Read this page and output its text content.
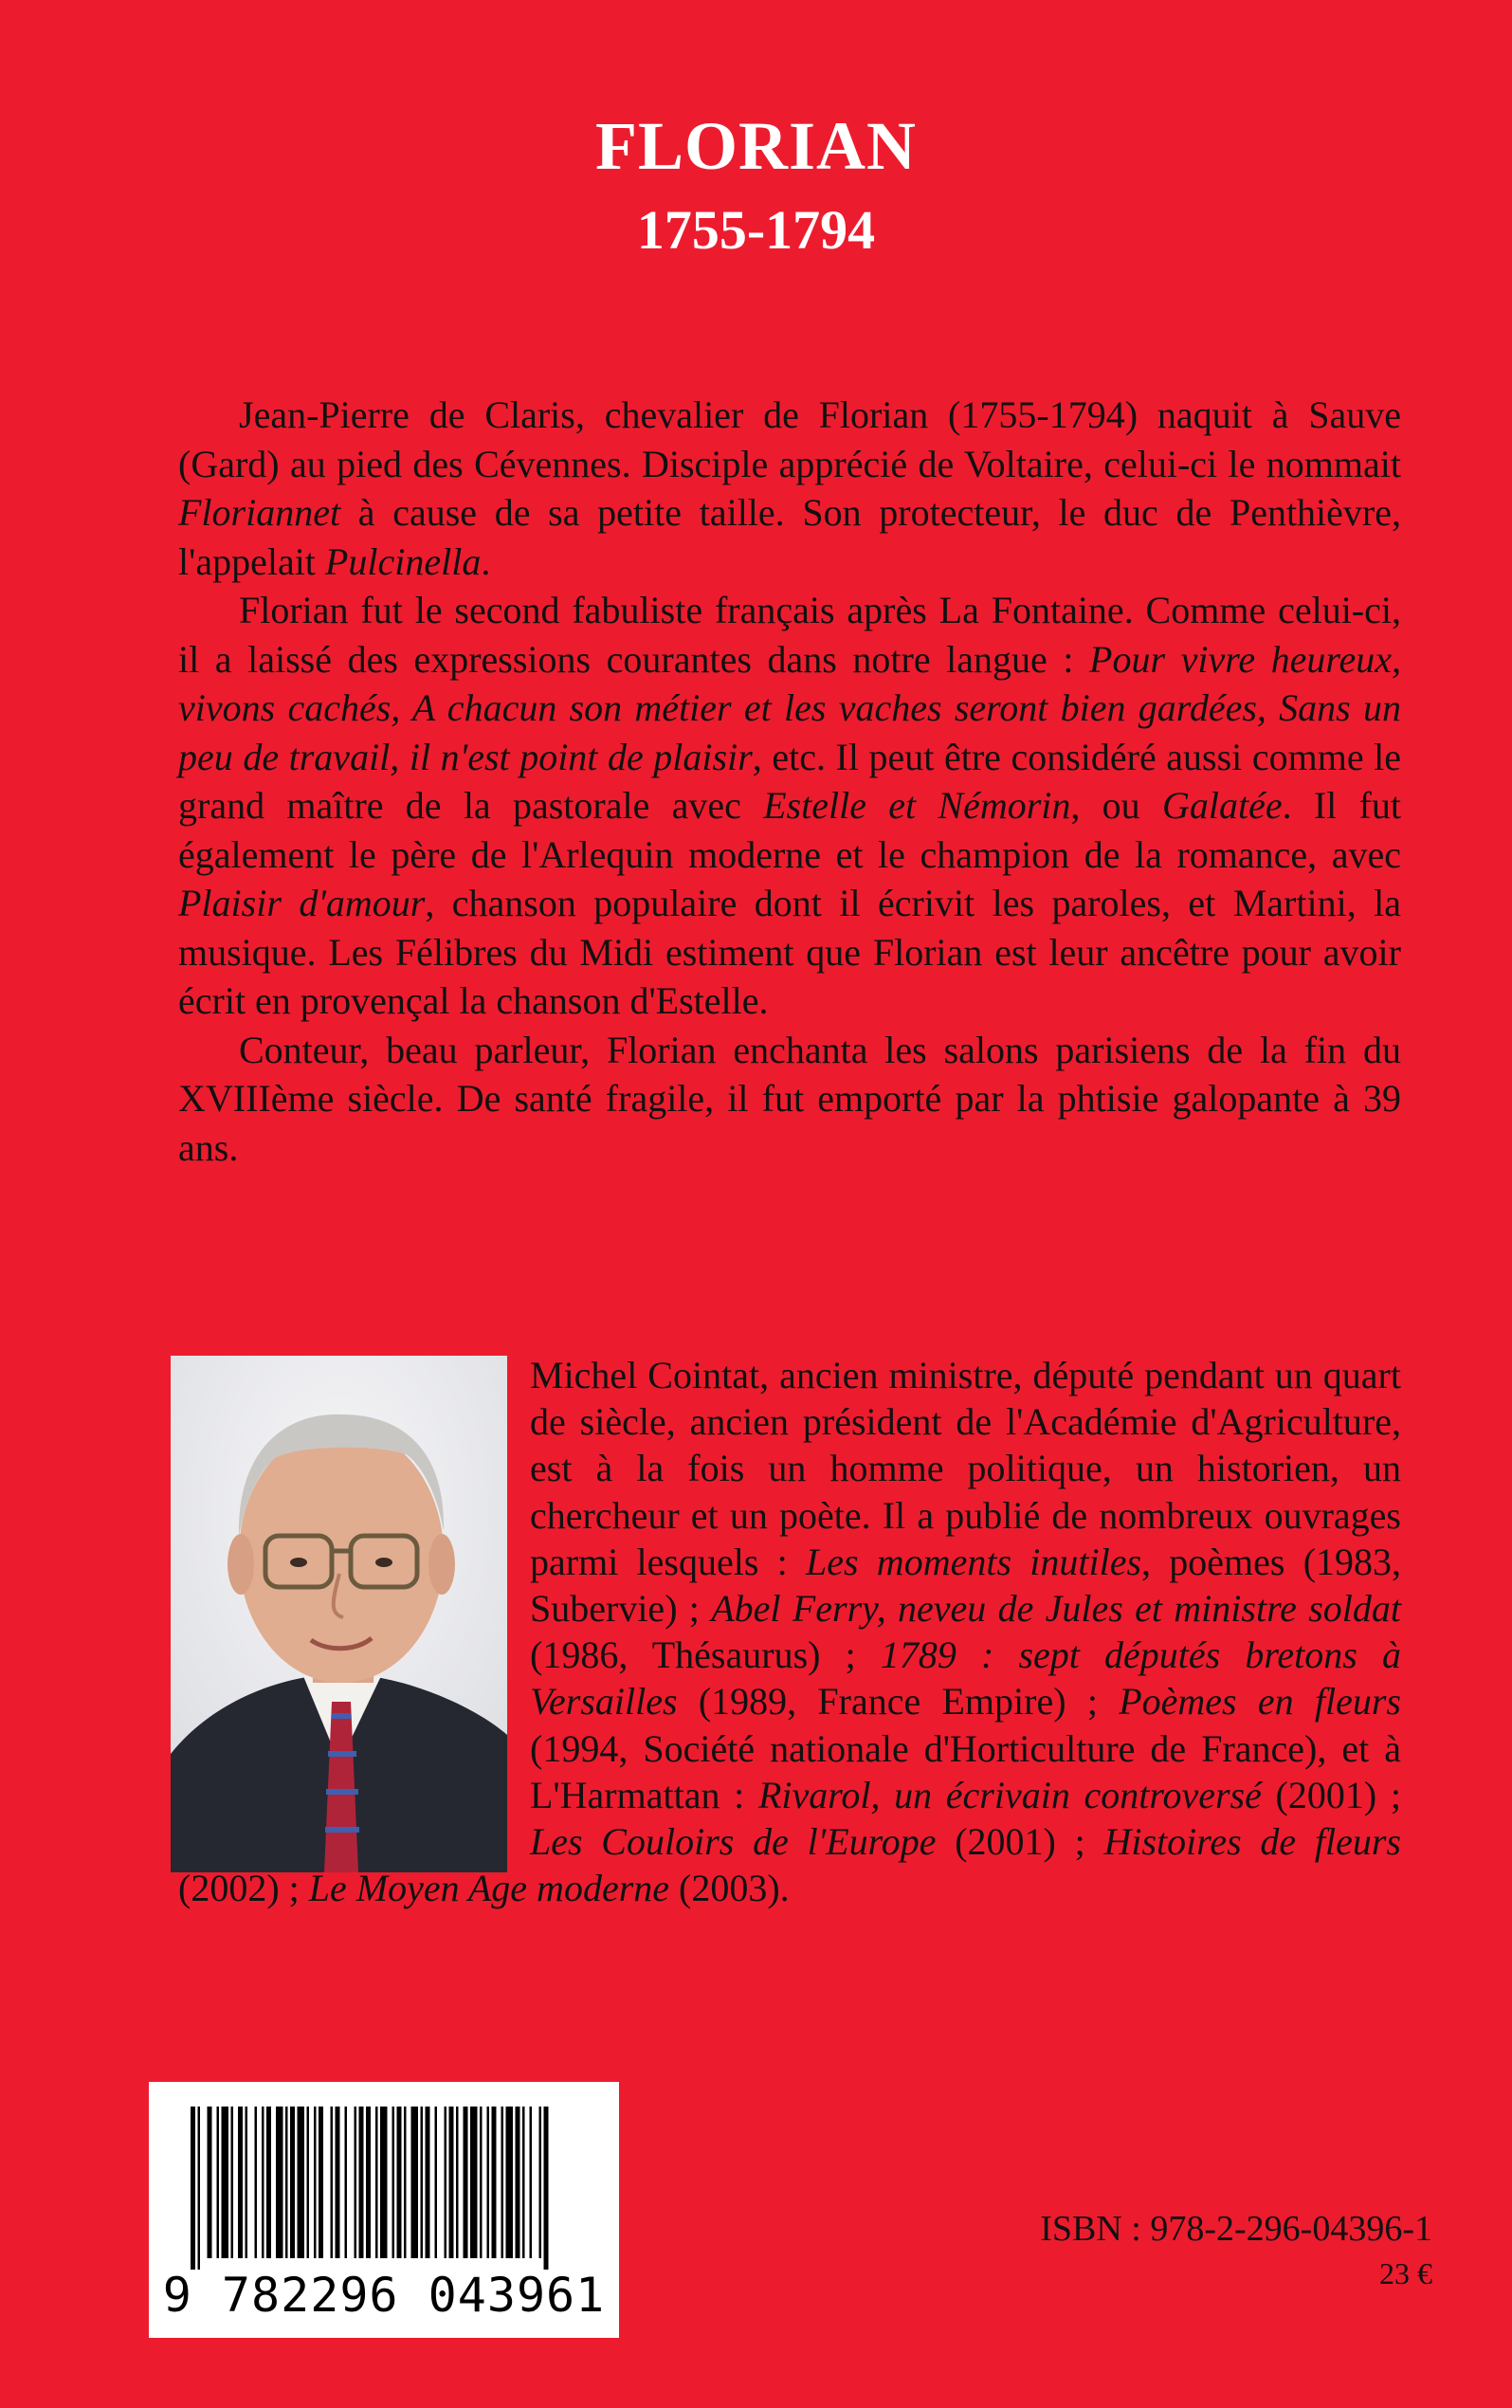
FLORIAN
1755-1794

Jean-Pierre de Claris, chevalier de Florian (1755-1794) naquit à Sauve (Gard) au pied des Cévennes. Disciple apprécié de Voltaire, celui-ci le nommait Floriannet à cause de sa petite taille. Son protecteur, le duc de Penthièvre, l'appelait Pulcinella.

Florian fut le second fabuliste français après La Fontaine. Comme celui-ci, il a laissé des expressions courantes dans notre langue : Pour vivre heureux, vivons cachés, A chacun son métier et les vaches seront bien gardées, Sans un peu de travail, il n'est point de plaisir, etc. Il peut être considéré aussi comme le grand maître de la pastorale avec Estelle et Némorin, ou Galatée. Il fut également le père de l'Arlequin moderne et le champion de la romance, avec Plaisir d'amour, chanson populaire dont il écrivit les paroles, et Martini, la musique. Les Félibres du Midi estiment que Florian est leur ancêtre pour avoir écrit en provençal la chanson d'Estelle.

Conteur, beau parleur, Florian enchanta les salons parisiens de la fin du XVIIIème siècle. De santé fragile, il fut emporté par la phtisie galopante à 39 ans.

Michel Cointat, ancien ministre, député pendant un quart de siècle, ancien président de l'Académie d'Agriculture, est à la fois un homme politique, un historien, un chercheur et un poète. Il a publié de nombreux ouvrages parmi lesquels : Les moments inutiles, poèmes (1983, Subervie) ; Abel Ferry, neveu de Jules et ministre soldat (1986, Thésaurus) ; 1789 : sept députés bretons à Versailles (1989, France Empire) ; Poèmes en fleurs (1994, Société nationale d'Horticulture de France), et à L'Harmattan : Rivarol, un écrivain controversé (2001) ; Les Couloirs de l'Europe (2001) ; Histoires de fleurs (2002) ; Le Moyen Age moderne (2003).
9 782296 043961
ISBN : 978-2-296-04396-1
23 €
